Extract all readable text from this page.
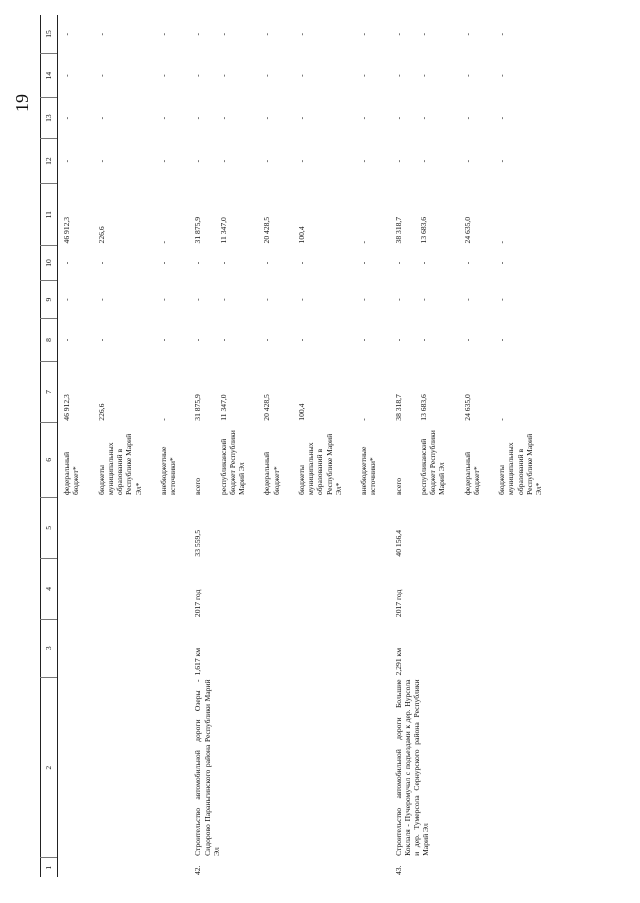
19
1	2	3	4	5	6	7	8	9	10	11	12	13	14	15
					федеральный бюджет*	46 912,3	-	-	-	46 912,3	-	-	-	-
					бюджеты муниципальных образований в Республике Марий Эл*	226,6	-	-	-	226,6	-	-	-	-
					внебюджетные источники*	-	-	-	-	-	-	-	-	-
42.	Строительство автомобильной дороги Озеры - Сидорово Параньгинского района Республики Марий Эл	1,617 км	2017 год	33 559,5	всего	31 875,9	-	-	-	31 875,9	-	-	-	-
					республиканский бюджет Республики Марий Эл	11 347,0	-	-	-	11 347,0	-	-	-	-
					федеральный бюджет*	20 428,5	-	-	-	20 428,5	-	-	-	-
					бюджеты муниципальных образований в Республике Марий Эл*	100,4	-	-	-	100,4	-	-	-	-
					внебюджетные источники*	-	-	-	-	-	-	-	-	-
43.	Строительство автомобильной дороги Большие Коклаля - Пучеромучал с подъездами к дер. Нурсола и дер. Тумерсола Сернурского района Республики Марий Эл	2,291 км	2017 год	40 156,4	всего	38 318,7	-	-	-	38 318,7	-	-	-	-
					республиканский бюджет Республики Марий Эл	13 683,6	-	-	-	13 683,6	-	-	-	-
					федеральный бюджет*	24 635,0	-	-	-	24 635,0	-	-	-	-
					бюджеты муниципальных образований в Республике Марий Эл*	-	-	-	-	-	-	-	-	-
